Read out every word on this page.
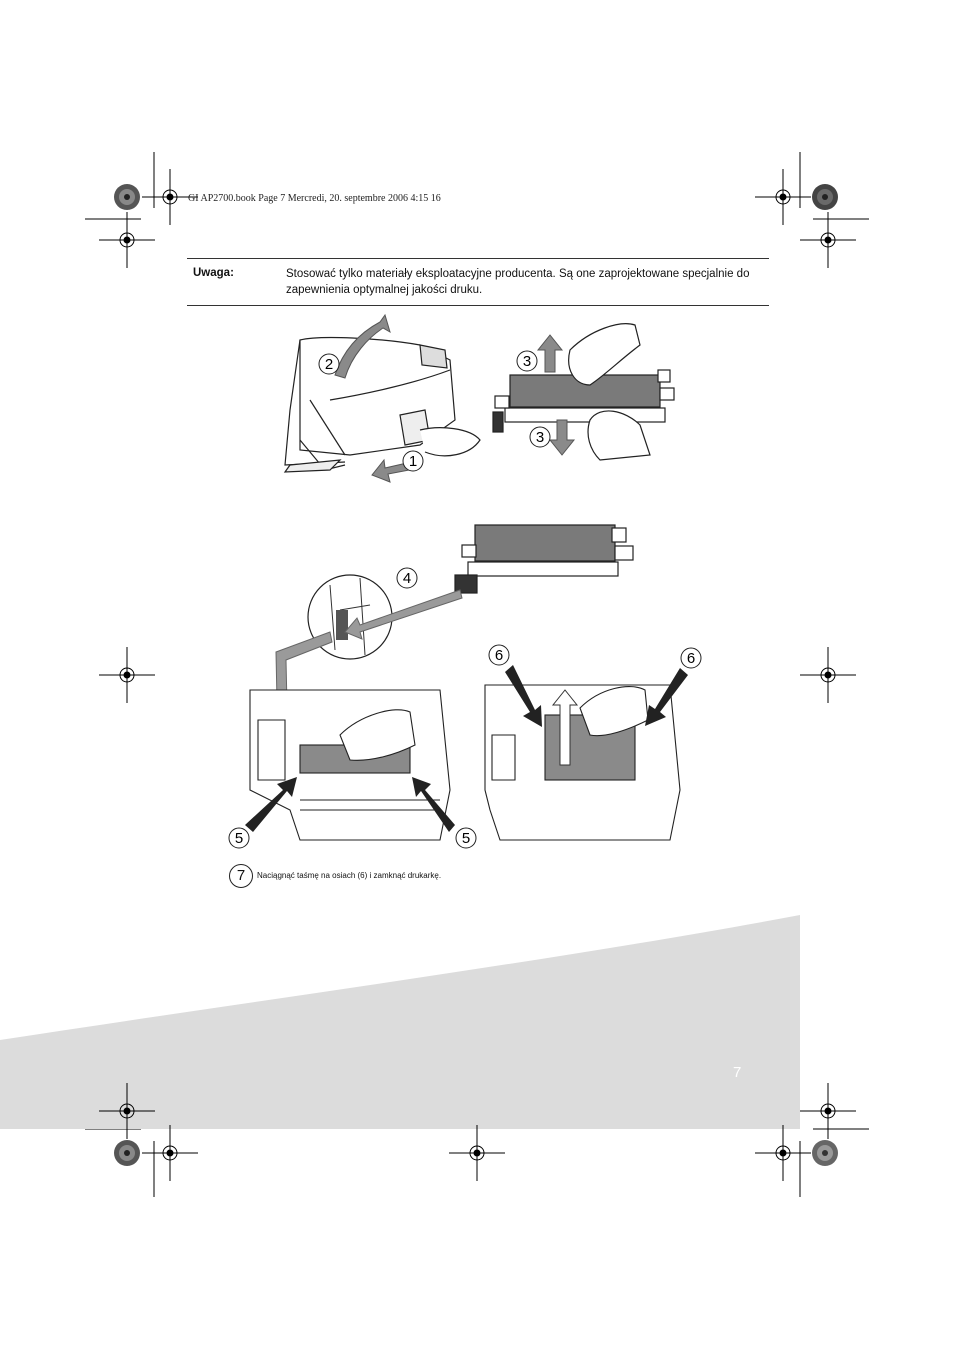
GI AP2700.book Page 7 Mercredi, 20. septembre 2006 4:15 16
Uwaga:	Stosować tylko materiały eksploatacyjne producenta. Są one zaprojektowane specjalnie do zapewnienia optymalnej jakości druku.
1
2	3
3
4
5	5
6	6
7	Naciągnąć taśmę na osiach (6) i zamknąć drukarkę.
7
